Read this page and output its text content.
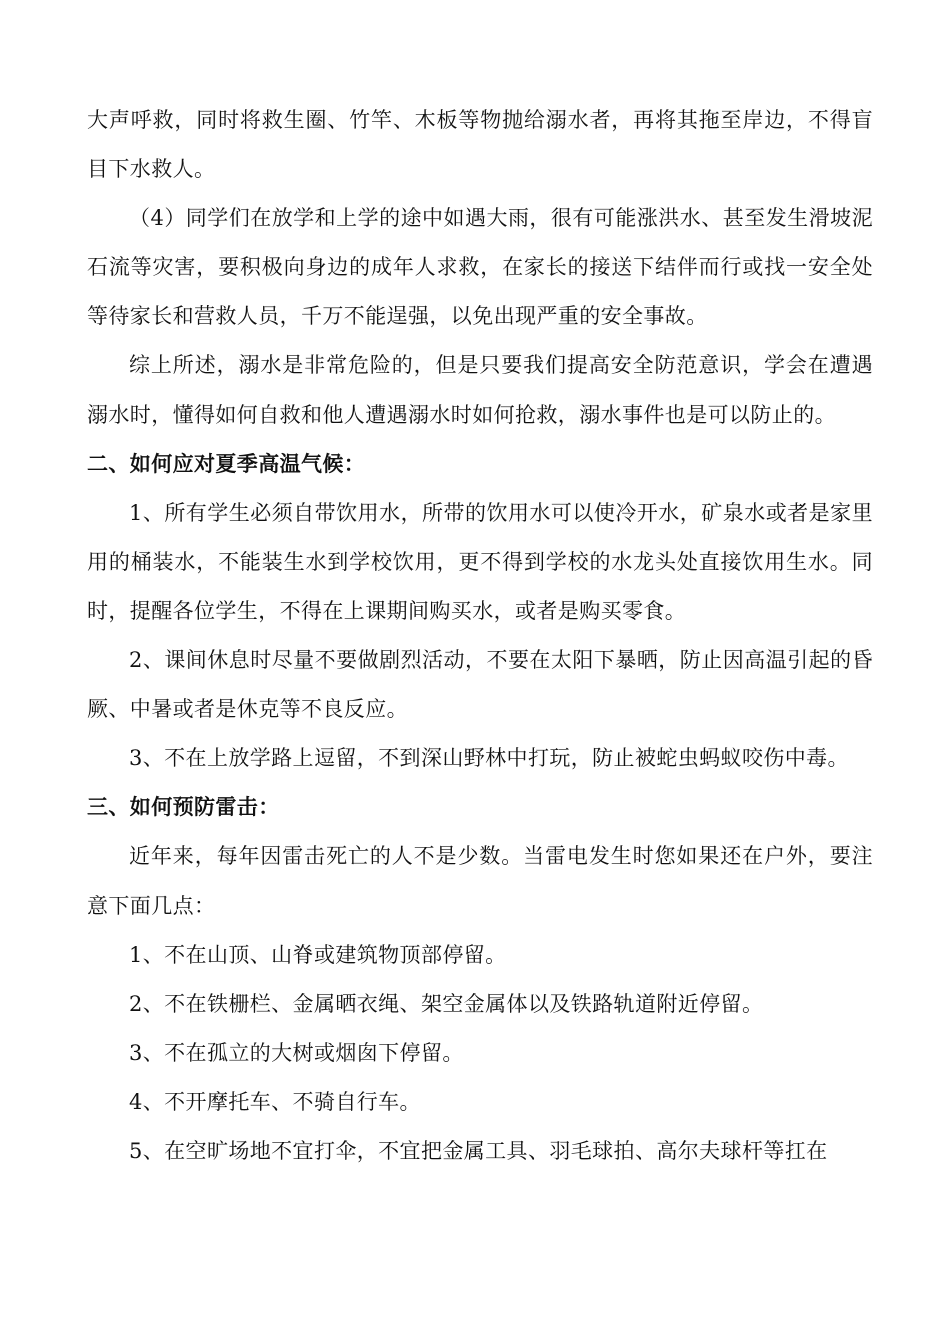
大声呼救，同时将救生圈、竹竿、木板等物抛给溺水者，再将其拖至岸边，不得盲目下水救人。

（4）同学们在放学和上学的途中如遇大雨，很有可能涨洪水、甚至发生滑坡泥石流等灾害，要积极向身边的成年人求救，在家长的接送下结伴而行或找一安全处等待家长和营救人员，千万不能逞强，以免出现严重的安全事故。

综上所述，溺水是非常危险的，但是只要我们提高安全防范意识，学会在遭遇溺水时，懂得如何自救和他人遭遇溺水时如何抢救，溺水事件也是可以防止的。

二、如何应对夏季高温气候：

1、所有学生必须自带饮用水，所带的饮用水可以使冷开水，矿泉水或者是家里用的桶装水，不能装生水到学校饮用，更不得到学校的水龙头处直接饮用生水。同时，提醒各位学生，不得在上课期间购买水，或者是购买零食。

2、课间休息时尽量不要做剧烈活动，不要在太阳下暴晒，防止因高温引起的昏厥、中暑或者是休克等不良反应。

3、不在上放学路上逗留，不到深山野林中打玩，防止被蛇虫蚂蚁咬伤中毒。

三、如何预防雷击：

近年来，每年因雷击死亡的人不是少数。当雷电发生时您如果还在户外，要注意下面几点：

1、不在山顶、山脊或建筑物顶部停留。

2、不在铁栅栏、金属晒衣绳、架空金属体以及铁路轨道附近停留。

3、不在孤立的大树或烟囱下停留。

4、不开摩托车、不骑自行车。

5、在空旷场地不宜打伞，不宜把金属工具、羽毛球拍、高尔夫球杆等扛在
